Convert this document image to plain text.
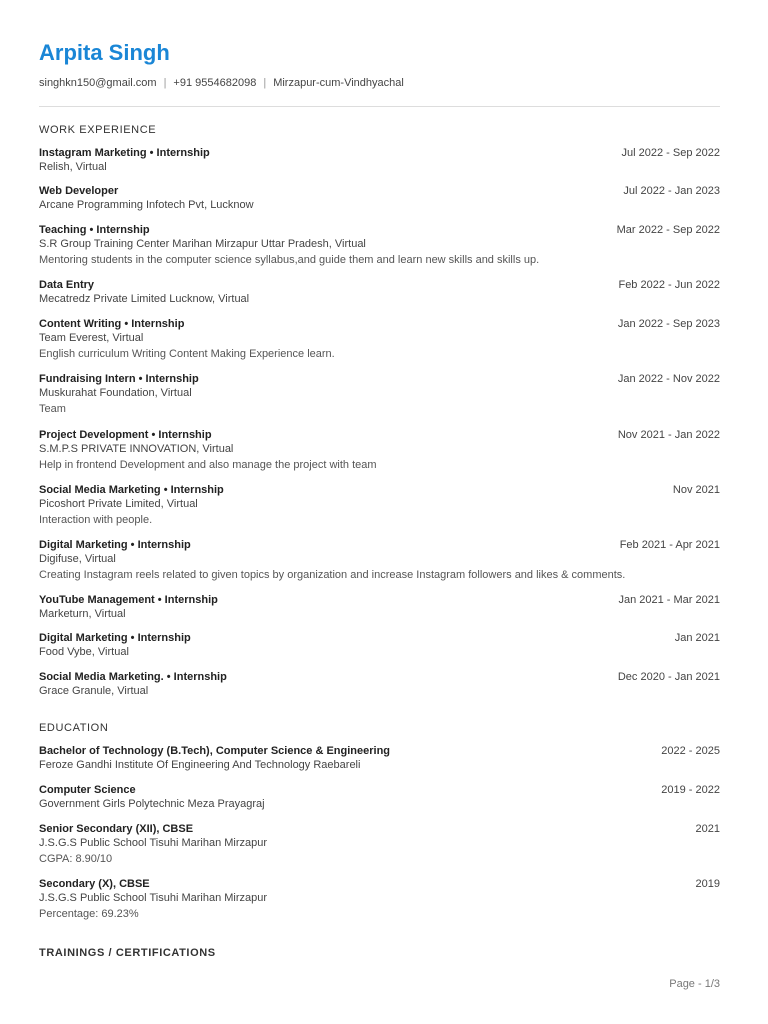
Arpita Singh
singhkn150@gmail.com | +91 9554682098 | Mirzapur-cum-Vindhyachal
WORK EXPERIENCE
Instagram Marketing • Internship	Jul 2022 - Sep 2022
Relish, Virtual
Web Developer	Jul 2022 - Jan 2023
Arcane Programming Infotech Pvt, Lucknow
Teaching • Internship	Mar 2022 - Sep 2022
S.R Group Training Center Marihan Mirzapur Uttar Pradesh, Virtual
Mentoring students in the computer science syllabus,and guide them and learn new skills and skills up.
Data Entry	Feb 2022 - Jun 2022
Mecatredz Private Limited Lucknow, Virtual
Content Writing • Internship	Jan 2022 - Sep 2023
Team Everest, Virtual
English curriculum Writing Content Making Experience learn.
Fundraising Intern • Internship	Jan 2022 - Nov 2022
Muskurahat Foundation, Virtual
Team
Project Development • Internship	Nov 2021 - Jan 2022
S.M.P.S PRIVATE INNOVATION, Virtual
Help in frontend Development and also manage the project with team
Social Media Marketing • Internship	Nov 2021
Picoshort Private Limited, Virtual
Interaction with people.
Digital Marketing • Internship	Feb 2021 - Apr 2021
Digifuse, Virtual
Creating Instagram reels related to given topics by organization and increase Instagram followers and likes & comments.
YouTube Management • Internship	Jan 2021 - Mar 2021
Marketurn, Virtual
Digital Marketing • Internship	Jan 2021
Food Vybe, Virtual
Social Media Marketing. • Internship	Dec 2020 - Jan 2021
Grace Granule, Virtual
EDUCATION
Bachelor of Technology (B.Tech), Computer Science & Engineering	2022 - 2025
Feroze Gandhi Institute Of Engineering And Technology Raebareli
Computer Science	2019 - 2022
Government Girls Polytechnic Meza Prayagraj
Senior Secondary (XII), CBSE	2021
J.S.G.S Public School Tisuhi Marihan Mirzapur
CGPA: 8.90/10
Secondary (X), CBSE	2019
J.S.G.S Public School Tisuhi Marihan Mirzapur
Percentage: 69.23%
TRAININGS / CERTIFICATIONS
Page - 1/3
